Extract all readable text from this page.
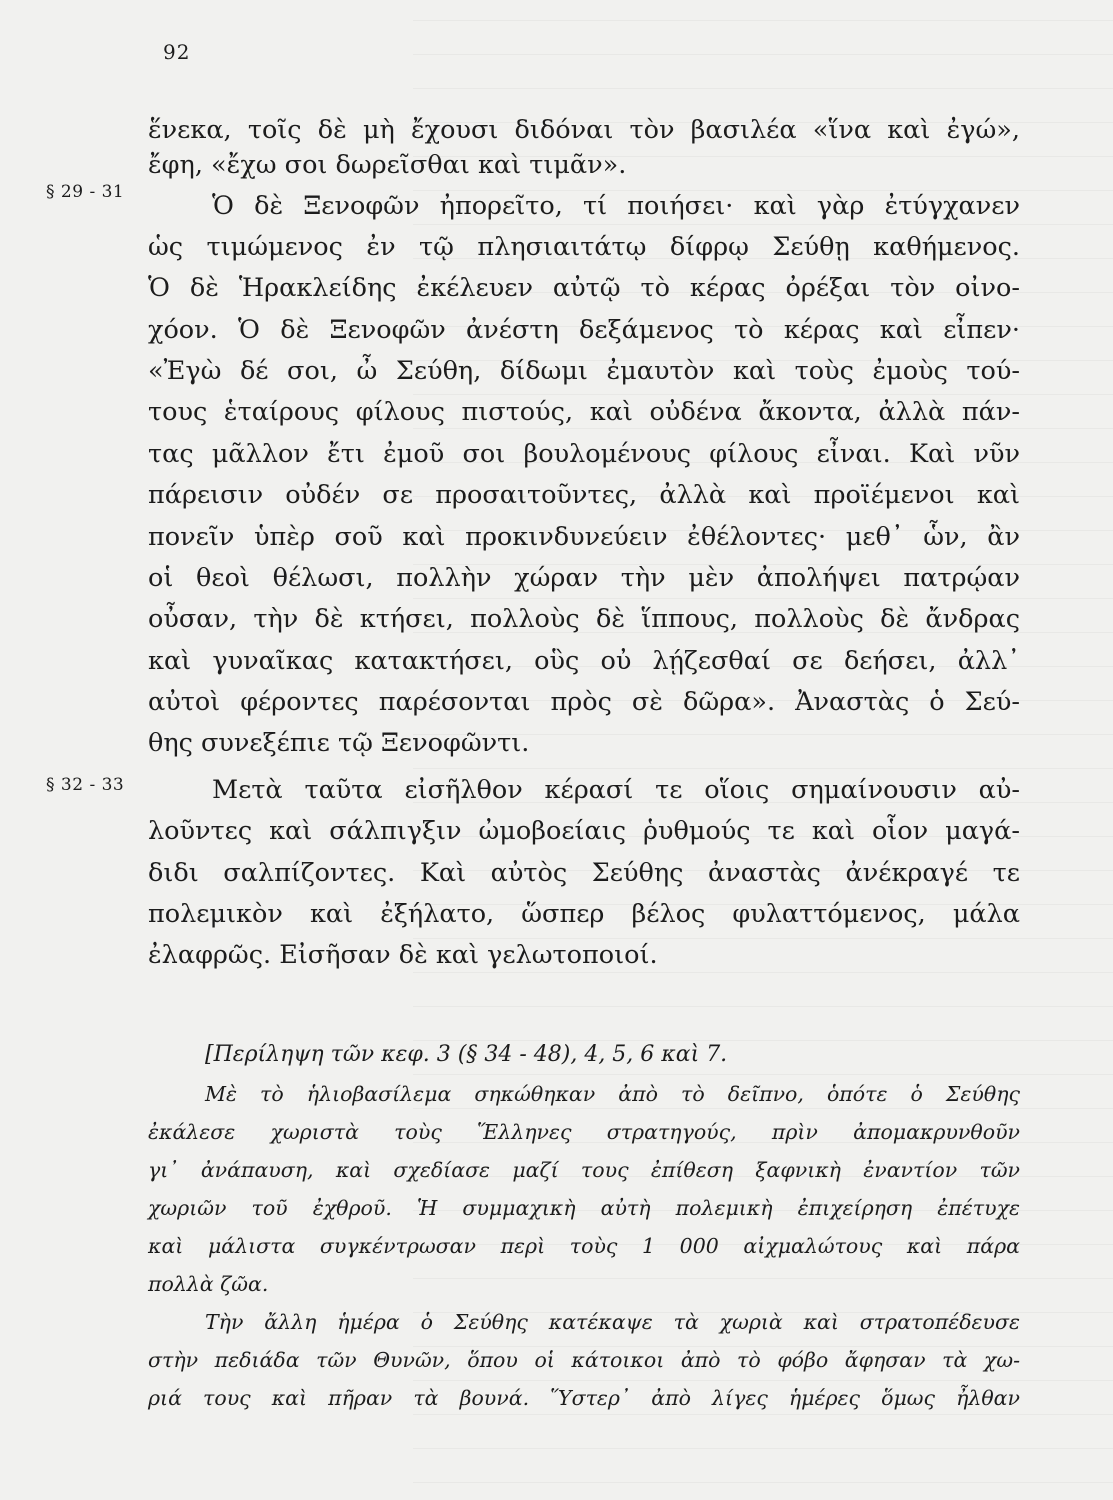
92
§ 29 - 31
§ 32 - 33
ἕνεκα, τοῖς δὲ μὴ ἔχουσι διδόναι τὸν βασιλέα «ἵνα καὶ ἐγώ»,
ἔφη, «ἔχω σοι δωρεῖσθαι καὶ τιμᾶν».
Ὁ δὲ Ξενοφῶν ἠπορεῖτο, τί ποιήσει· καὶ γὰρ ἐτύγχανεν
ὡς τιμώμενος ἐν τῷ πλησιαιτάτῳ δίφρῳ Σεύθῃ καθήμενος.
Ὁ δὲ Ἡρακλείδης ἐκέλευεν αὐτῷ τὸ κέρας ὀρέξαι τὸν οἰνο-
χόον. Ὁ δὲ Ξενοφῶν ἀνέστη δεξάμενος τὸ κέρας καὶ εἶπεν·
«Ἐγὼ δέ σοι, ὦ Σεύθη, δίδωμι ἐμαυτὸν καὶ τοὺς ἐμοὺς τού-
τους ἑταίρους φίλους πιστούς, καὶ οὐδένα ἄκοντα, ἀλλὰ πάν-
τας μᾶλλον ἔτι ἐμοῦ σοι βουλομένους φίλους εἶναι. Καὶ νῦν
πάρεισιν οὐδέν σε προσαιτοῦντες, ἀλλὰ καὶ προϊέμενοι καὶ
πονεῖν ὑπὲρ σοῦ καὶ προκινδυνεύειν ἐθέλοντες· μεθ᾽ ὧν, ἂν
οἱ θεοὶ θέλωσι, πολλὴν χώραν τὴν μὲν ἀπολήψει πατρῴαν
οὖσαν, τὴν δὲ κτήσει, πολλοὺς δὲ ἵππους, πολλοὺς δὲ ἄνδρας
καὶ γυναῖκας κατακτήσει, οὓς οὐ λῄζεσθαί σε δεήσει, ἀλλ᾽
αὐτοὶ φέροντες παρέσονται πρὸς σὲ δῶρα». Ἀναστὰς ὁ Σεύ-
θης συνεξέπιε τῷ Ξενοφῶντι.
Μετὰ ταῦτα εἰσῆλθον κέρασί τε οἵοις σημαίνουσιν αὐ-
λοῦντες καὶ σάλπιγξιν ὠμοβοείαις ῥυθμούς τε καὶ οἷον μαγά-
διδι σαλπίζοντες. Καὶ αὐτὸς Σεύθης ἀναστὰς ἀνέκραγέ τε
πολεμικὸν καὶ ἐξήλατο, ὥσπερ βέλος φυλαττόμενος, μάλα
ἐλαφρῶς. Εἰσῆσαν δὲ καὶ γελωτοποιοί.
[Περίληψη τῶν κεφ. 3 (§ 34 - 48), 4, 5, 6 καὶ 7.
Μὲ τὸ ἡλιοβασίλεμα σηκώθηκαν ἀπὸ τὸ δεῖπνο, ὁπότε ὁ Σεύθης
ἐκάλεσε χωριστὰ τοὺς Ἕλληνες στρατηγούς, πρὶν ἀπομακρυνθοῦν
γι᾽ ἀνάπαυση, καὶ σχεδίασε μαζί τους ἐπίθεση ξαφνικὴ ἐναντίον τῶν
χωριῶν τοῦ ἐχθροῦ. Ἡ συμμαχικὴ αὐτὴ πολεμικὴ ἐπιχείρηση ἐπέτυχε
καὶ μάλιστα συγκέντρωσαν περὶ τοὺς 1 000 αἰχμαλώτους καὶ πάρα
πολλὰ ζῶα.
Τὴν ἄλλη ἡμέρα ὁ Σεύθης κατέκαψε τὰ χωριὰ καὶ στρατοπέδευσε
στὴν πεδιάδα τῶν Θυνῶν, ὅπου οἱ κάτοικοι ἀπὸ τὸ φόβο ἄφησαν τὰ χω-
ριά τους καὶ πῆραν τὰ βουνά. Ὕστερ᾽ ἀπὸ λίγες ἡμέρες ὅμως ἦλθαν
